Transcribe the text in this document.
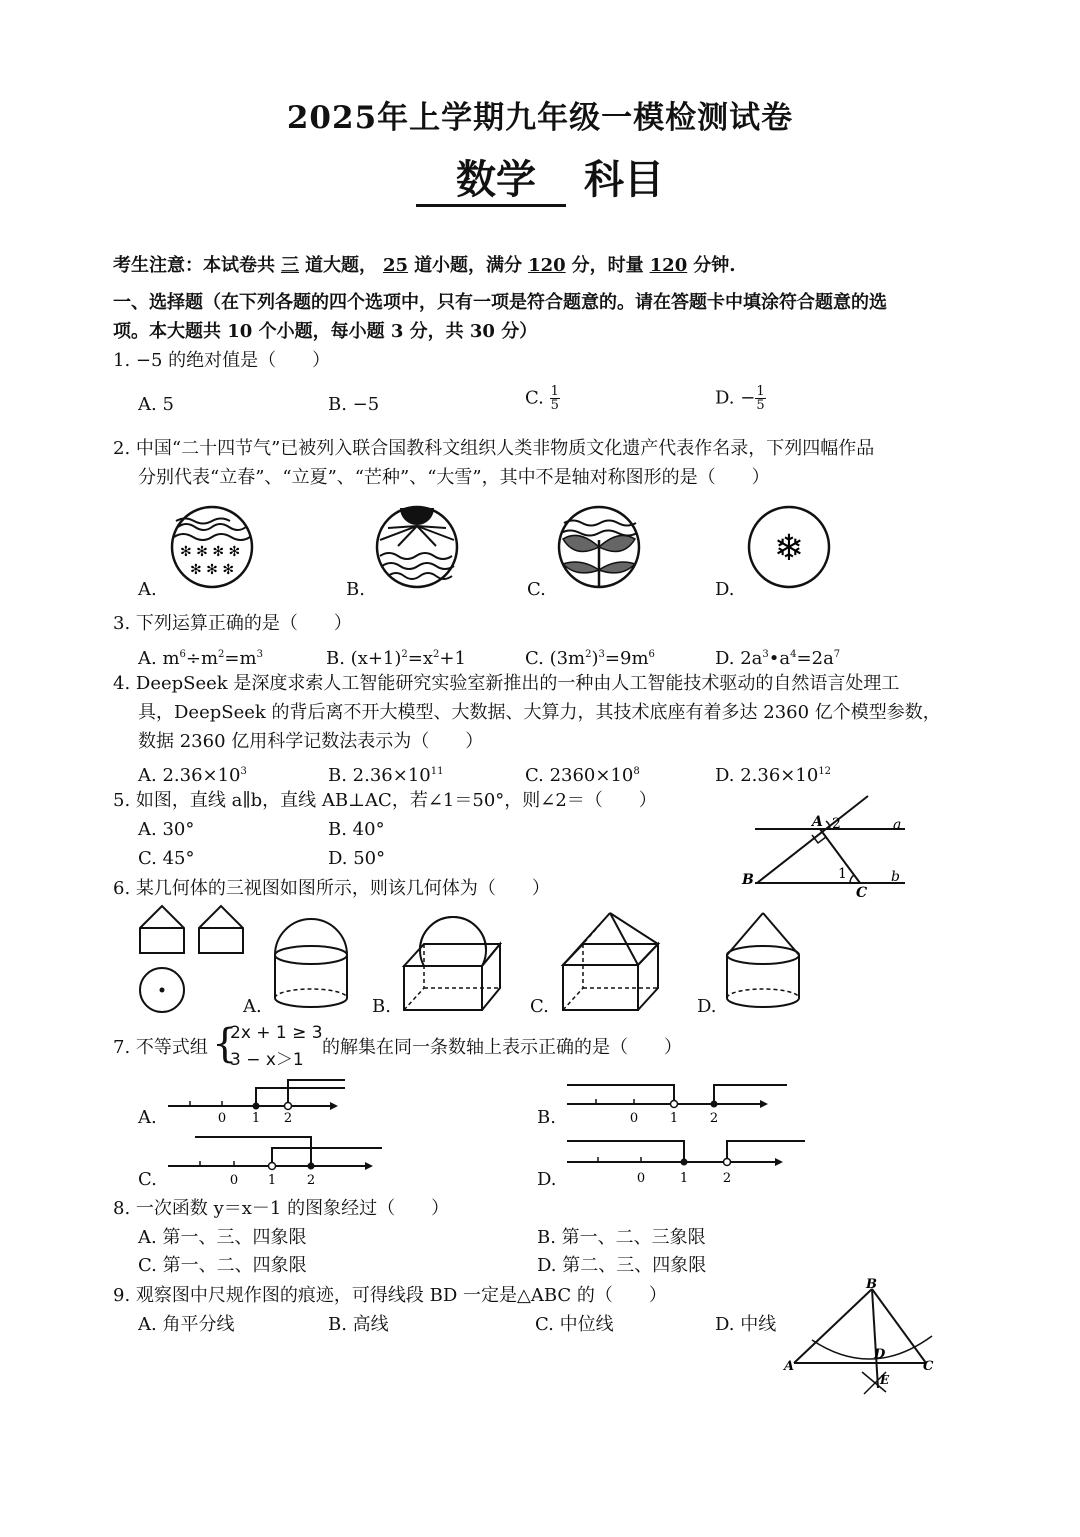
2025年上学期九年级一模检测试卷
数学 科目
考生注意：本试卷共 三 道大题， 25 道小题，满分 120 分，时量 120 分钟.
一、选择题（在下列各题的四个选项中，只有一项是符合题意的。请在答题卡中填涂符合题意的选
项。本大题共 10 个小题，每小题 3 分，共 30 分）
1. −5 的绝对值是（　　）
A. 5	B. −5	C. $\frac{1}{5}$	D. − $\frac{1}{5}$
2. 中国“二十四节气”已被列入联合国教科文组织人类非物质文化遗产代表作名录，下列四幅作品
分别代表“立春”、“立夏”、“芒种”、“大雪”，其中不是轴对称图形的是（　　）
✻ ✻ ✻ ✻
✻ ✻ ✻
❄
A.	B.	C.	D.
3. 下列运算正确的是（　　）
A. $m^6\div m^2=m^3$	B. $(x+1)^2=x^2+1$	C. $(3m^2)^3=9m^6$	D. $2a^3•a^4=2a^7$
4. DeepSeek 是深度求索人工智能研究实验室新推出的一种由人工智能技术驱动的自然语言处理工
具，DeepSeek 的背后离不开大模型、大数据、大算力，其技术底座有着多达 2360 亿个模型参数，
数据 2360 亿用科学记数法表示为（　　）
A. $2.36\times 10^3$	B. $2.36\times 10^{11}$	C. $2360\times 10^8$	D. $2.36\times 10^{12}$
5. 如图，直线 a∥b，直线 AB⊥AC，若∠1＝50°，则∠2＝（　　）
A. 30°	B. 40°
C. 45°	D. 50°
A 2	a
B	1
C
b
6. 某几何体的三视图如图所示，则该几何体为（　　）
A.	B.	C.	D.
7. 不等式组 {
2x + 1 ≥ 3
3 − x＞1
的解集在同一条数轴上表示正确的是（　　）
0 1 2	0 1 2
0 1 2	0	1	2
A.	B.
C.	D.
8. 一次函数 y＝x－1 的图象经过（　　）
A. 第一、三、四象限	B. 第一、二、三象限
C. 第一、二、四象限	D. 第二、三、四象限
9. 观察图中尺规作图的痕迹，可得线段 BD 一定是△ABC 的（　　）
A. 角平分线	B. 高线	C. 中位线	D. 中线
B
A	C
D
E
